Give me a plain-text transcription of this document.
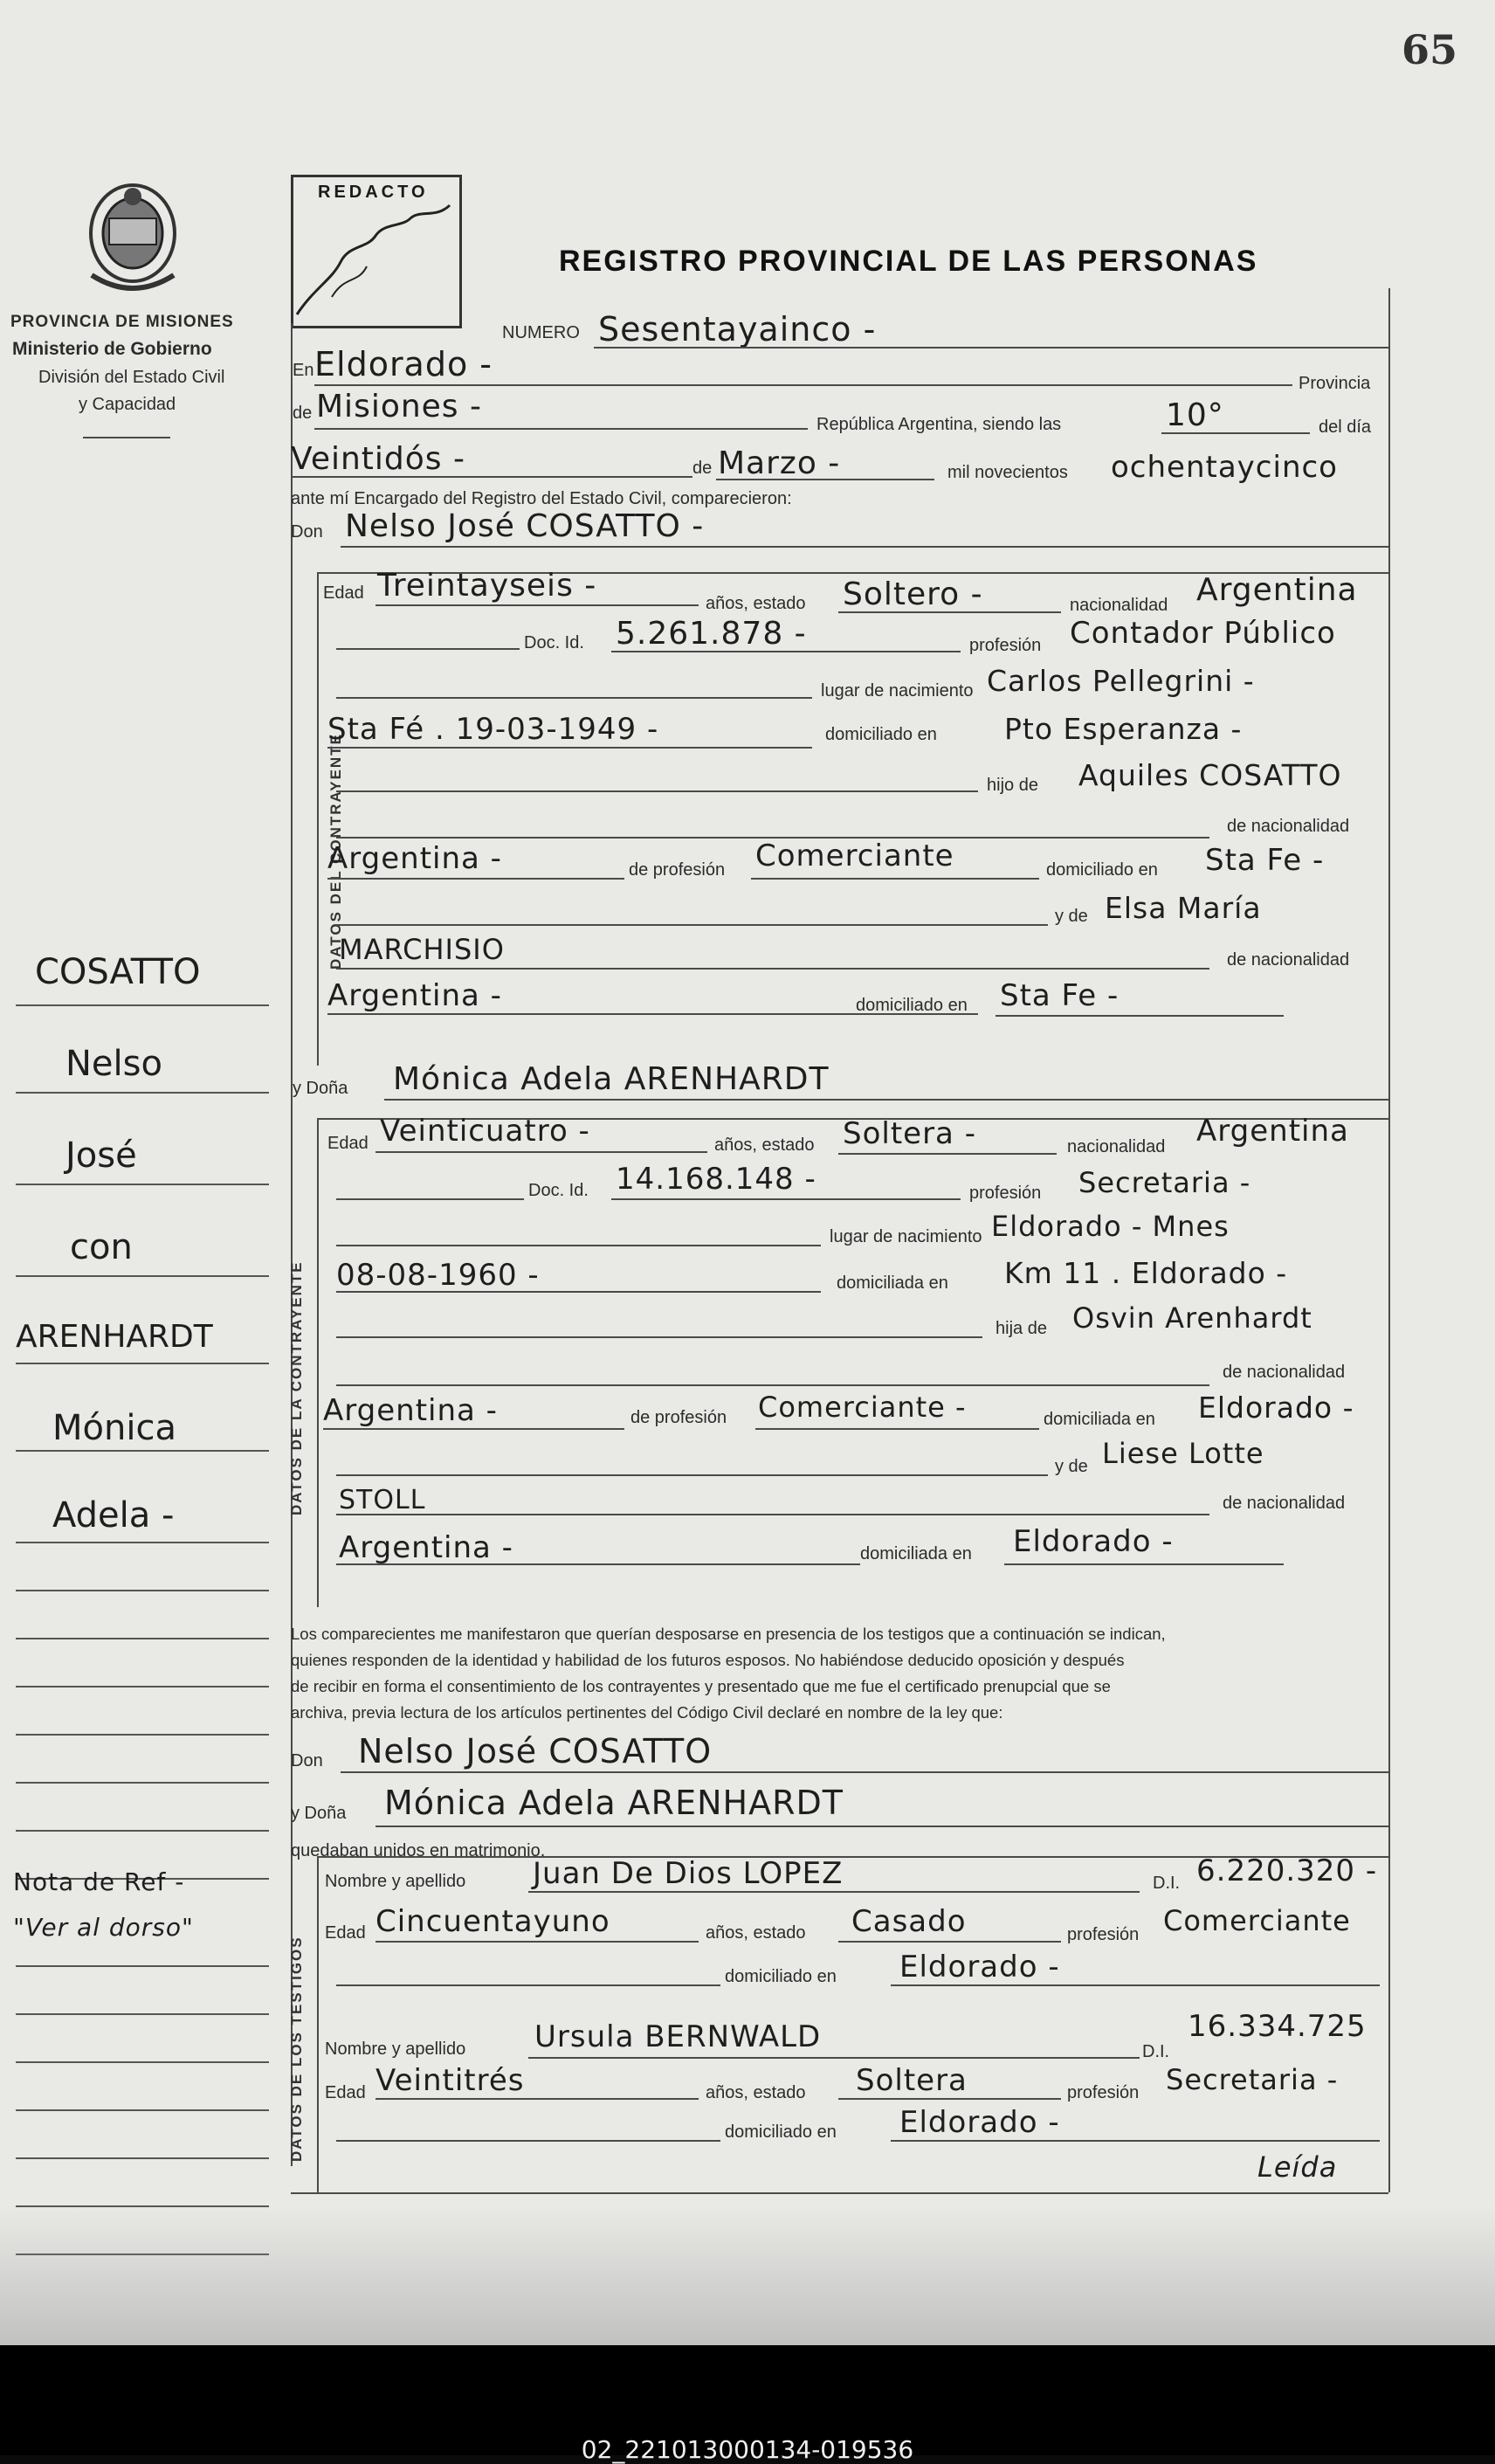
65
PROVINCIA DE MISIONES
Ministerio de Gobierno
División del Estado Civil
y Capacidad
REDACTO
REGISTRO PROVINCIAL DE LAS PERSONAS
NUMERO Sesentayainco -
En Eldorado -	Provincia
de Misiones -	República Argentina, siendo las	10°	del día
Veintidós -	de Marzo -	mil novecientos ochentaycinco
ante mí Encargado del Registro del Estado Civil, comparecieron:
Don Nelso José COSATTO -
DATOS DEL CONTRAYENTE
Edad Treintayseis -	años, estado Soltero -	nacionalidad Argentina
Doc. Id. 5.261.878 -	profesión Contador Público
lugar de nacimiento Carlos Pellegrini -
Sta Fé . 19-03-1949 -	domiciliado en Pto Esperanza -
hijo de Aquiles COSATTO
de nacionalidad
Argentina -	de profesión Comerciante	domiciliado en Sta Fe -
y de Elsa María
MARCHISIO	de nacionalidad
Argentina -	domiciliado en Sta Fe -
y Doña Mónica Adela ARENHARDT
DATOS DE LA CONTRAYENTE
Edad Veinticuatro -	años, estado Soltera -	nacionalidad Argentina
Doc. Id. 14.168.148 -	profesión Secretaria -
lugar de nacimiento Eldorado - Mnes
08-08-1960 -	domiciliada en Km 11 . Eldorado -
hija de Osvin Arenhardt
de nacionalidad
Argentina -	de profesión Comerciante -	domiciliada en Eldorado -
y de Liese Lotte
STOLL	de nacionalidad
Argentina -	domiciliada en Eldorado -
Los comparecientes me manifestaron que querían desposarse en presencia de los testigos que a continuación se indican,
quienes responden de la identidad y habilidad de los futuros esposos. No habiéndose deducido oposición y después
de recibir en forma el consentimiento de los contrayentes y presentado que me fue el certificado prenupcial que se
archiva, previa lectura de los artículos pertinentes del Código Civil declaré en nombre de la ley que:
Don Nelso José COSATTO
y Doña Mónica Adela ARENHARDT
quedaban unidos en matrimonio.
DATOS DE LOS TESTIGOS
Nombre y apellido Juan De Dios LOPEZ	D.I. 6.220.320 -
Edad Cincuentayuno	años, estado Casado	profesión Comerciante
domiciliado en Eldorado -
Nombre y apellido Ursula BERNWALD	D.I.
16.334.725
Edad Veintitrés	años, estado Soltera	profesión Secretaria -
domiciliado en Eldorado -
Leída
COSATTO
Nelso
José
con
ARENHARDT
Mónica
Adela -
Nota de Ref -
"Ver al dorso"
02_221013000134-019536
